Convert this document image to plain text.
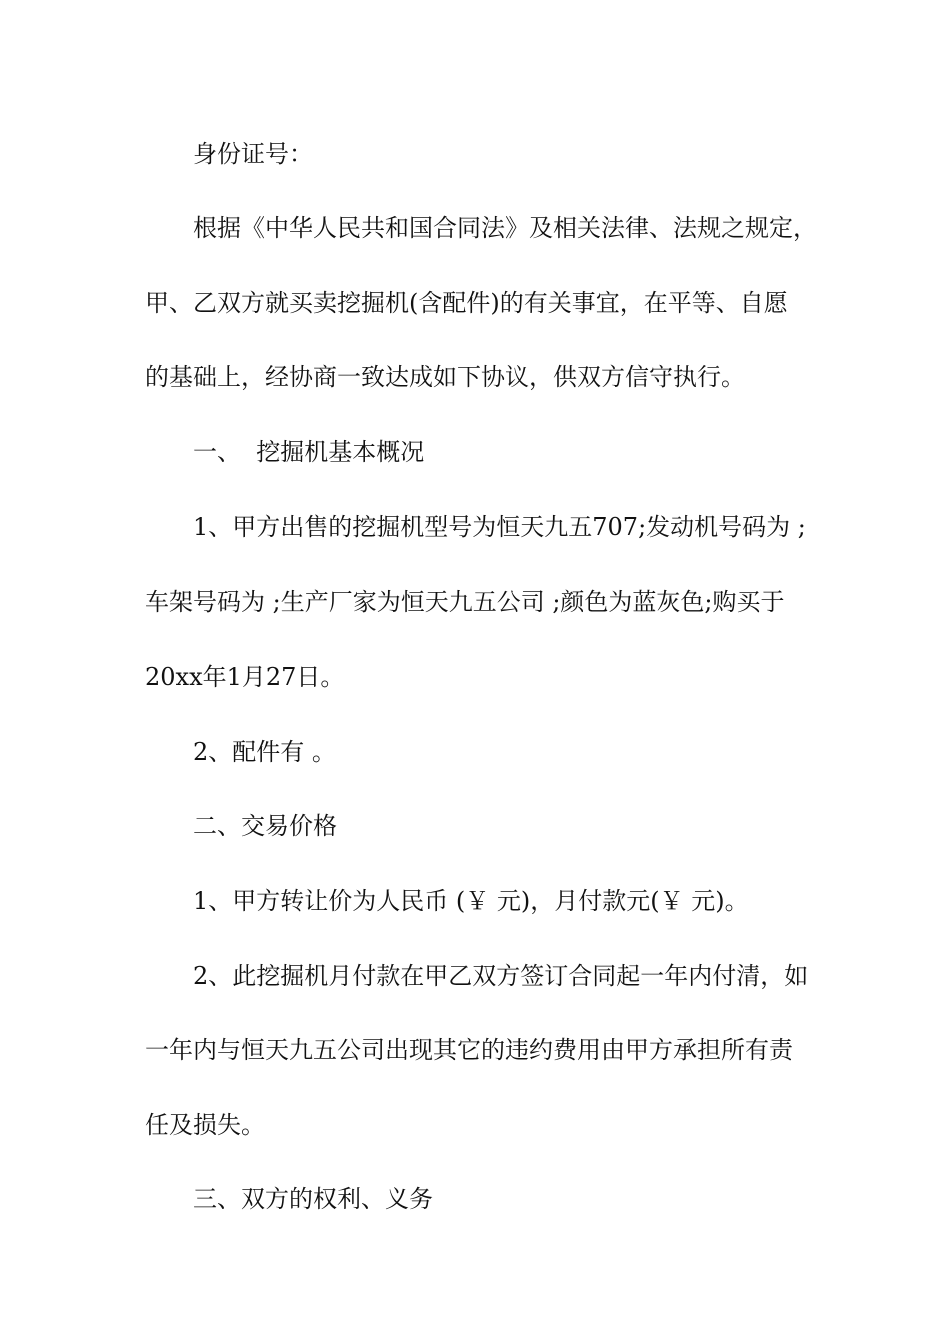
身份证号：
根据《中华人民共和国合同法》及相关法律、法规之规定，
甲、乙双方就买卖挖掘机(含配件)的有关事宜，在平等、自愿
的基础上，经协商一致达成如下协议，供双方信守执行。
一、  挖掘机基本概况
1、甲方出售的挖掘机型号为恒天九五707;发动机号码为 ;
车架号码为 ;生产厂家为恒天九五公司 ;颜色为蓝灰色;购买于
20xx年1月27日。
2、配件有 。
二、交易价格
1、甲方转让价为人民币 (￥ 元)，月付款元(￥ 元)。
2、此挖掘机月付款在甲乙双方签订合同起一年内付清，如
一年内与恒天九五公司出现其它的违约费用由甲方承担所有责
任及损失。
三、双方的权利、义务
